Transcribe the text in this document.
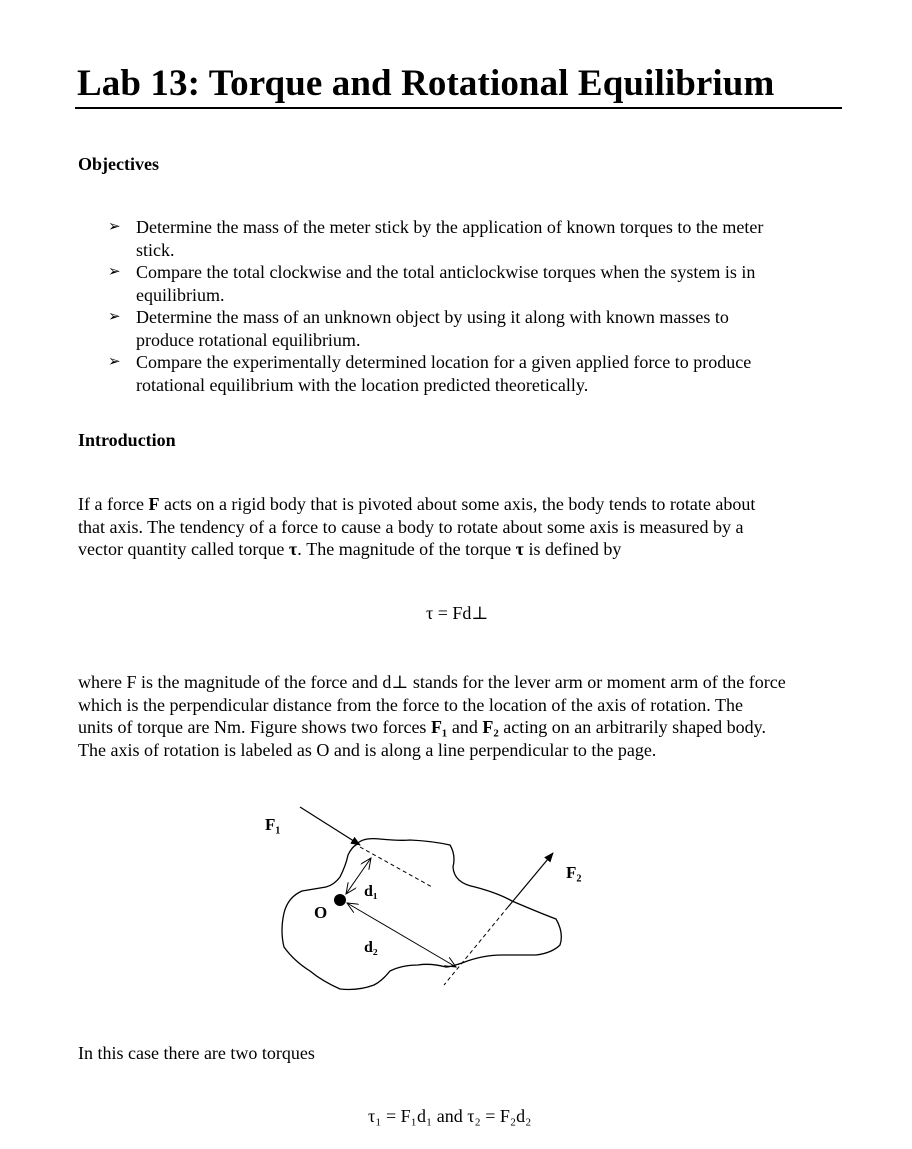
Lab 13: Torque and Rotational Equilibrium

Objectives

➢ Determine the mass of the meter stick by the application of known torques to the meter
stick.
➢ Compare the total clockwise and the total anticlockwise torques when the system is in
equilibrium.
➢ Determine the mass of an unknown object by using it along with known masses to
produce rotational equilibrium.
➢ Compare the experimentally determined location for a given applied force to produce
rotational equilibrium with the location predicted theoretically.

Introduction

If a force F acts on a rigid body that is pivoted about some axis, the body tends to rotate about
that axis. The tendency of a force to cause a body to rotate about some axis is measured by a
vector quantity called torque τ. The magnitude of the torque τ is defined by

τ = Fd⊥

where F is the magnitude of the force and d⊥ stands for the lever arm or moment arm of the force
which is the perpendicular distance from the force to the location of the axis of rotation. The
units of torque are Nm. Figure shows two forces F₁ and F₂ acting on an arbitrarily shaped body.
The axis of rotation is labeled as O and is along a line perpendicular to the page.

F₁
F₂
O
d₁
d₂

In this case there are two torques

τ₁ = F₁d₁ and τ₂ = F₂d₂
